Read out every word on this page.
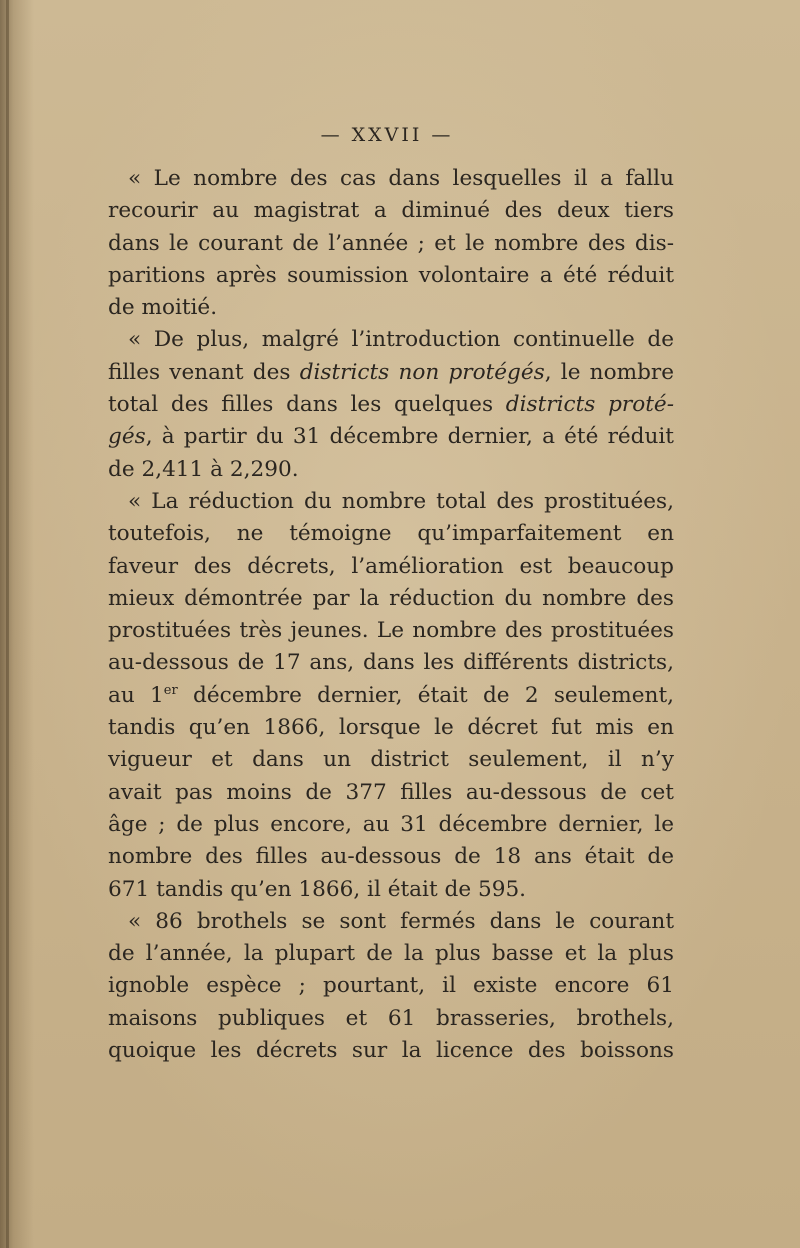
— XXVII —
« Le nombre des cas dans lesquelles il a fallu
recourir au magistrat a diminué des deux tiers
dans le courant de l’année ; et le nombre des dis-
paritions après soumission volontaire a été réduit
de moitié.
« De plus, malgré l’introduction continuelle de
filles venant des districts non protégés, le nombre
total des filles dans les quelques districts proté-
gés, à partir du 31 décembre dernier, a été réduit
de 2,411 à 2,290.
« La réduction du nombre total des prostituées,
toutefois, ne témoigne qu’imparfaitement en
faveur des décrets, l’amélioration est beaucoup
mieux démontrée par la réduction du nombre des
prostituées très jeunes. Le nombre des prostituées
au-dessous de 17 ans, dans les différents districts,
au 1er décembre dernier, était de 2 seulement,
tandis qu’en 1866, lorsque le décret fut mis en
vigueur et dans un district seulement, il n’y
avait pas moins de 377 filles au-dessous de cet
âge ; de plus encore, au 31 décembre dernier, le
nombre des filles au-dessous de 18 ans était de
671 tandis qu’en 1866, il était de 595.
« 86 brothels se sont fermés dans le courant
de l’année, la plupart de la plus basse et la plus
ignoble espèce ; pourtant, il existe encore 61
maisons publiques et 61 brasseries, brothels,
quoique les décrets sur la licence des boissons
